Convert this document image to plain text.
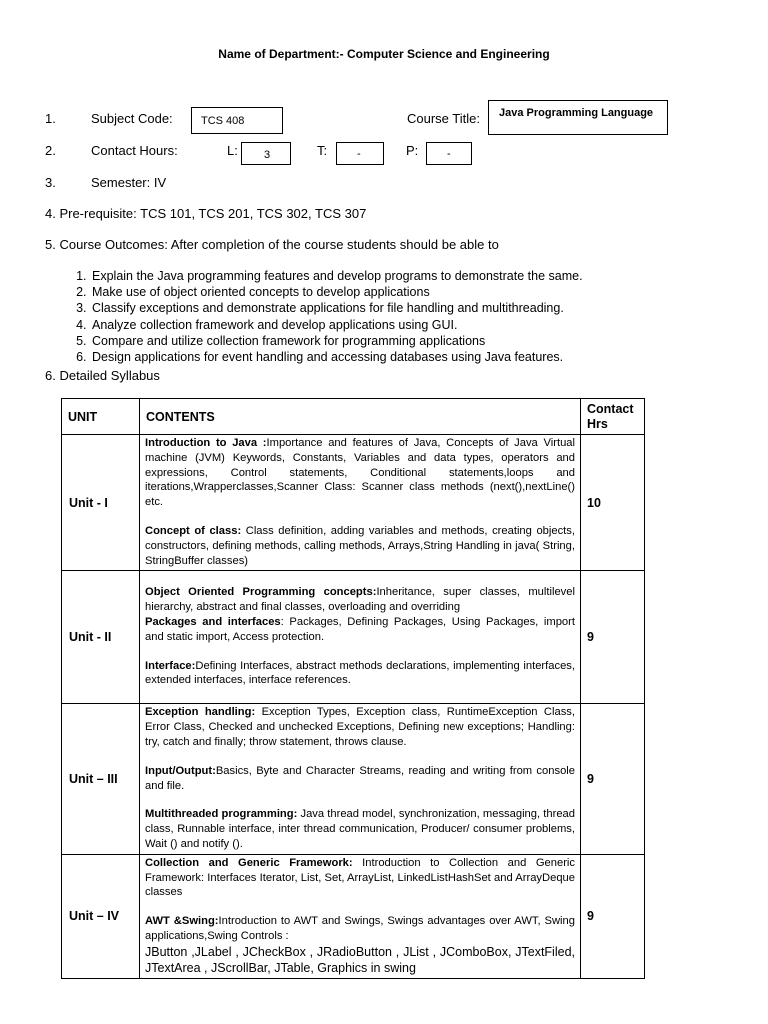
Name of Department:- Computer Science and Engineering
1.	Subject Code:	TCS 408	Course Title: Java Programming Language
2.	Contact Hours:	L: 3	T:	-	P:	-
3.	Semester: IV
4. Pre-requisite: TCS 101, TCS 201, TCS 302, TCS 307
5. Course Outcomes: After completion of the course students should be able to
1. Explain the Java programming features and develop programs to demonstrate the same.
2. Make use of object oriented concepts to develop applications
3. Classify exceptions and demonstrate applications for file handling and multithreading.
4. Analyze collection framework and develop applications using GUI.
5. Compare and utilize collection framework for programming applications
6. Design applications for event handling and accessing databases using Java features.
6. Detailed Syllabus
UNIT	CONTENTS	Contact Hrs
Unit - I	Introduction to Java :Importance and features of Java, Concepts of Java Virtual machine (JVM) Keywords, Constants, Variables and data types, operators and expressions, Control statements, Conditional statements,loops and iterations,Wrapperclasses,Scanner Class: Scanner class methods (next(),nextLine() etc.

Concept of class: Class definition, adding variables and methods, creating objects, constructors, defining methods, calling methods, Arrays,String Handling in java( String, StringBuffer classes)	10
Unit - II	Object Oriented Programming concepts:Inheritance, super classes, multilevel hierarchy, abstract and final classes, overloading and overriding

Packages and interfaces: Packages, Defining Packages, Using Packages, import and static import, Access protection.

Interface:Defining Interfaces, abstract methods declarations, implementing interfaces, extended interfaces, interface references.	9
Unit – III	Exception handling: Exception Types, Exception class, RuntimeException Class, Error Class, Checked and unchecked Exceptions, Defining new exceptions; Handling: try, catch and finally; throw statement, throws clause.

Input/Output:Basics, Byte and Character Streams, reading and writing from console and file.

Multithreaded programming: Java thread model, synchronization, messaging, thread class, Runnable interface, inter thread communication, Producer/ consumer problems, Wait () and notify ().	9
Unit – IV	Collection and Generic Framework: Introduction to Collection and Generic Framework: Interfaces Iterator, List, Set, ArrayList, LinkedListHashSet and ArrayDeque classes

AWT &Swing:Introduction to AWT and Swings, Swings advantages over AWT, Swing applications,Swing Controls :

JButton ,JLabel , JCheckBox , JRadioButton , JList , JComboBox, JTextFiled, JTextArea , JScrollBar, JTable, Graphics in swing	9
